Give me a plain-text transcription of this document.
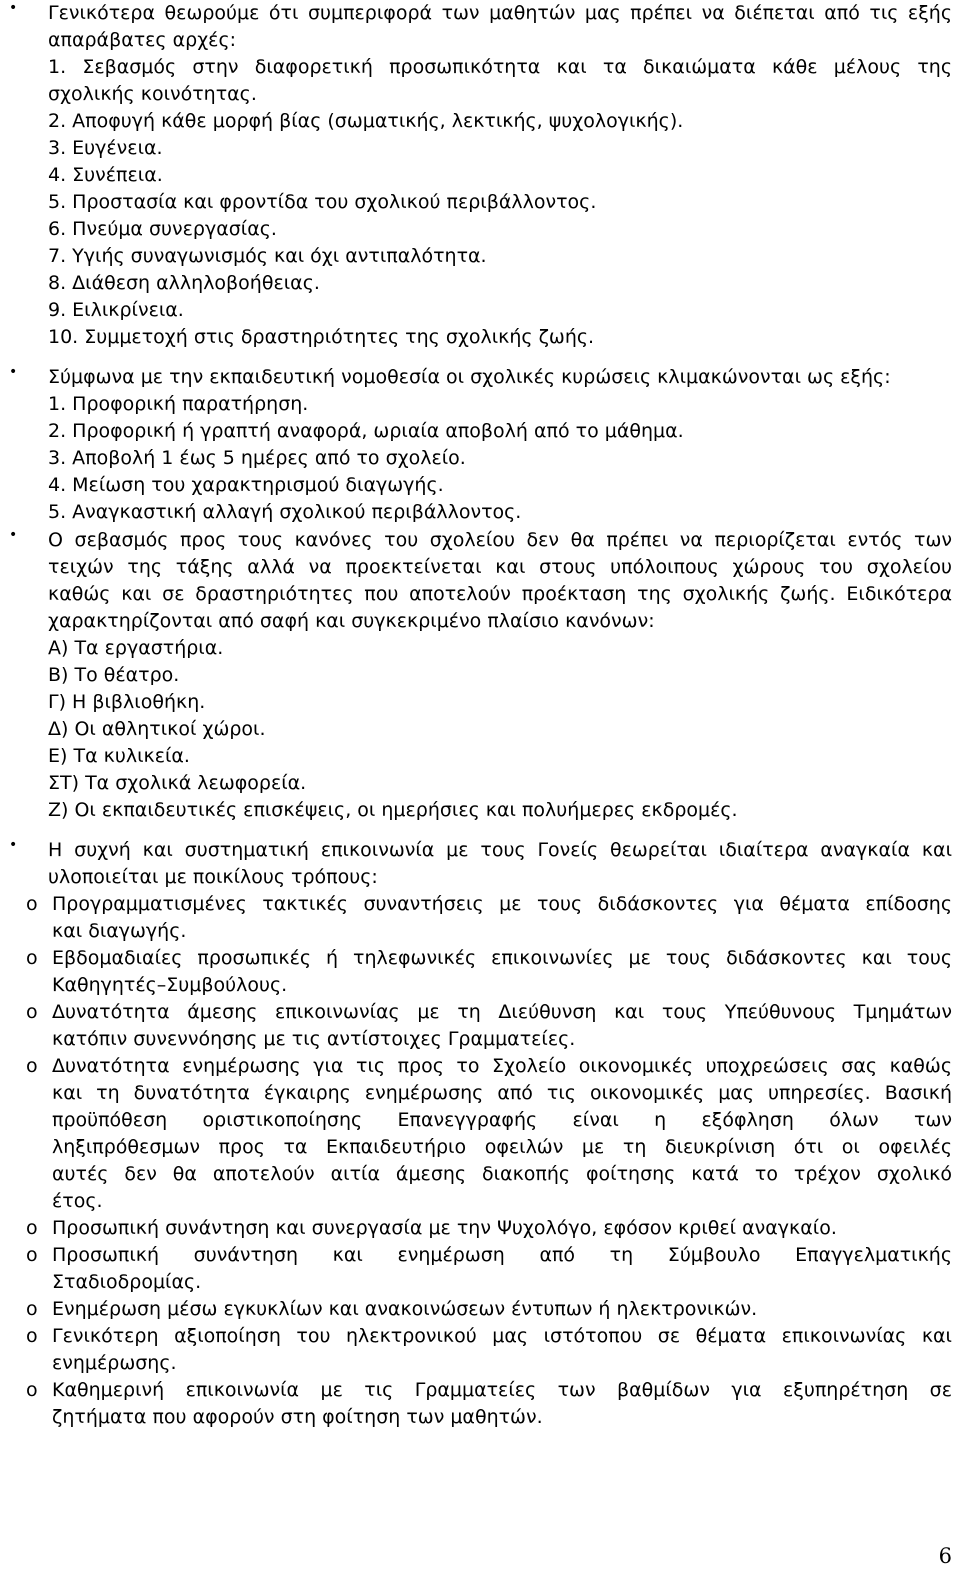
• Γενικότερα θεωρούμε ότι συμπεριφορά των μαθητών μας πρέπει να διέπεται από τις εξής
απαράβατες αρχές:
1. Σεβασμός στην διαφορετική προσωπικότητα και τα δικαιώματα κάθε μέλους της
σχολικής κοινότητας.
2. Αποφυγή κάθε μορφή βίας (σωματικής, λεκτικής, ψυχολογικής).
3. Ευγένεια.
4. Συνέπεια.
5. Προστασία και φροντίδα του σχολικού περιβάλλοντος.
6. Πνεύμα συνεργασίας.
7. Υγιής συναγωνισμός και όχι αντιπαλότητα.
8. Διάθεση αλληλοβοήθειας.
9. Ειλικρίνεια.
10. Συμμετοχή στις δραστηριότητες της σχολικής ζωής.
• Σύμφωνα με την εκπαιδευτική νομοθεσία οι σχολικές κυρώσεις κλιμακώνονται ως εξής:
1. Προφορική παρατήρηση.
2. Προφορική ή γραπτή αναφορά, ωριαία αποβολή από το μάθημα.
3. Αποβολή 1 έως 5 ημέρες από το σχολείο.
4. Μείωση του χαρακτηρισμού διαγωγής.
5. Αναγκαστική αλλαγή σχολικού περιβάλλοντος.
• Ο σεβασμός προς τους κανόνες του σχολείου δεν θα πρέπει να περιορίζεται εντός των
τειχών της τάξης αλλά να προεκτείνεται και στους υπόλοιπους χώρους του σχολείου
καθώς και σε δραστηριότητες που αποτελούν προέκταση της σχολικής ζωής. Ειδικότερα
χαρακτηρίζονται από σαφή και συγκεκριμένο πλαίσιο κανόνων:
Α) Τα εργαστήρια.
Β) Το θέατρο.
Γ) Η βιβλιοθήκη.
Δ) Οι αθλητικοί χώροι.
Ε) Τα κυλικεία.
ΣΤ) Τα σχολικά λεωφορεία.
Ζ) Οι εκπαιδευτικές επισκέψεις, οι ημερήσιες και πολυήμερες εκδρομές.
• Η συχνή και συστηματική επικοινωνία με τους Γονείς θεωρείται ιδιαίτερα αναγκαία και
υλοποιείται με ποικίλους τρόπους:
o Προγραμματισμένες τακτικές συναντήσεις με τους διδάσκοντες για θέματα επίδοσης
και διαγωγής.
o Εβδομαδιαίες προσωπικές ή τηλεφωνικές επικοινωνίες με τους διδάσκοντες και τους
Καθηγητές–Συμβούλους.
o Δυνατότητα άμεσης επικοινωνίας με τη Διεύθυνση και τους Υπεύθυνους Τμημάτων
κατόπιν συνεννόησης με τις αντίστοιχες Γραμματείες.
o Δυνατότητα ενημέρωσης για τις προς το Σχολείο οικονομικές υποχρεώσεις σας καθώς
και τη δυνατότητα έγκαιρης ενημέρωσης από τις οικονομικές μας υπηρεσίες. Βασική
προϋπόθεση οριστικοποίησης Επανεγγραφής είναι η εξόφληση όλων των
ληξιπρόθεσμων προς τα Εκπαιδευτήριο οφειλών με τη διευκρίνιση ότι οι οφειλές
αυτές δεν θα αποτελούν αιτία άμεσης διακοπής φοίτησης κατά το τρέχον σχολικό
έτος.
o Προσωπική συνάντηση και συνεργασία με την Ψυχολόγο, εφόσον κριθεί αναγκαίο.
o Προσωπική συνάντηση και ενημέρωση από τη Σύμβουλο Επαγγελματικής
Σταδιοδρομίας.
o Ενημέρωση μέσω εγκυκλίων και ανακοινώσεων έντυπων ή ηλεκτρονικών.
o Γενικότερη αξιοποίηση του ηλεκτρονικού μας ιστότοπου σε θέματα επικοινωνίας και
ενημέρωσης.
o Καθημερινή επικοινωνία με τις Γραμματείες των βαθμίδων για εξυπηρέτηση σε
ζητήματα που αφορούν στη φοίτηση των μαθητών.
6
